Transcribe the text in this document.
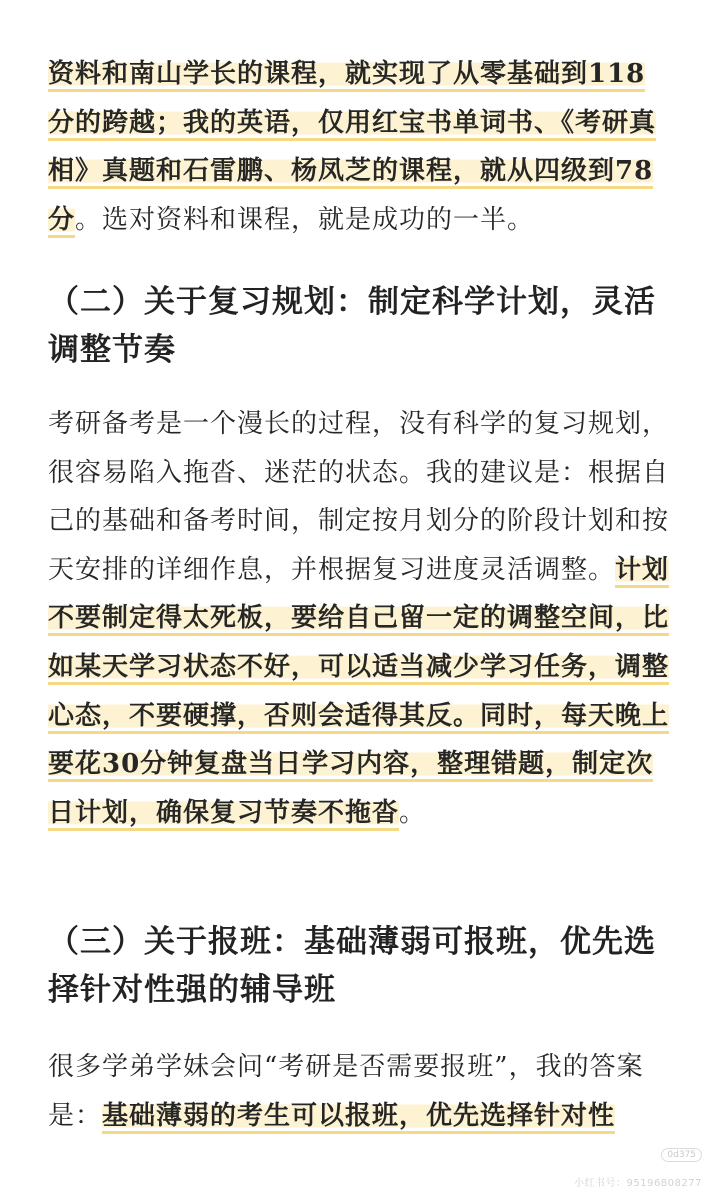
资料和南山学长的课程，就实现了从零基础到118分的跨越；我的英语，仅用红宝书单词书、《考研真相》真题和石雷鹏、杨凤芝的课程，就从四级到78分。选对资料和课程，就是成功的一半。

（二）关于复习规划：制定科学计划，灵活调整节奏

考研备考是一个漫长的过程，没有科学的复习规划，很容易陷入拖沓、迷茫的状态。我的建议是：根据自己的基础和备考时间，制定按月划分的阶段计划和按天安排的详细作息，并根据复习进度灵活调整。计划不要制定得太死板，要给自己留一定的调整空间，比如某天学习状态不好，可以适当减少学习任务，调整心态，不要硬撑，否则会适得其反。同时，每天晚上要花30分钟复盘当日学习内容，整理错题，制定次日计划，确保复习节奏不拖沓。

（三）关于报班：基础薄弱可报班，优先选择针对性强的辅导班

很多学弟学妹会问“考研是否需要报班”，我的答案是：基础薄弱的考生可以报班，优先选择针对性

0d375
小红书号：95196808277
